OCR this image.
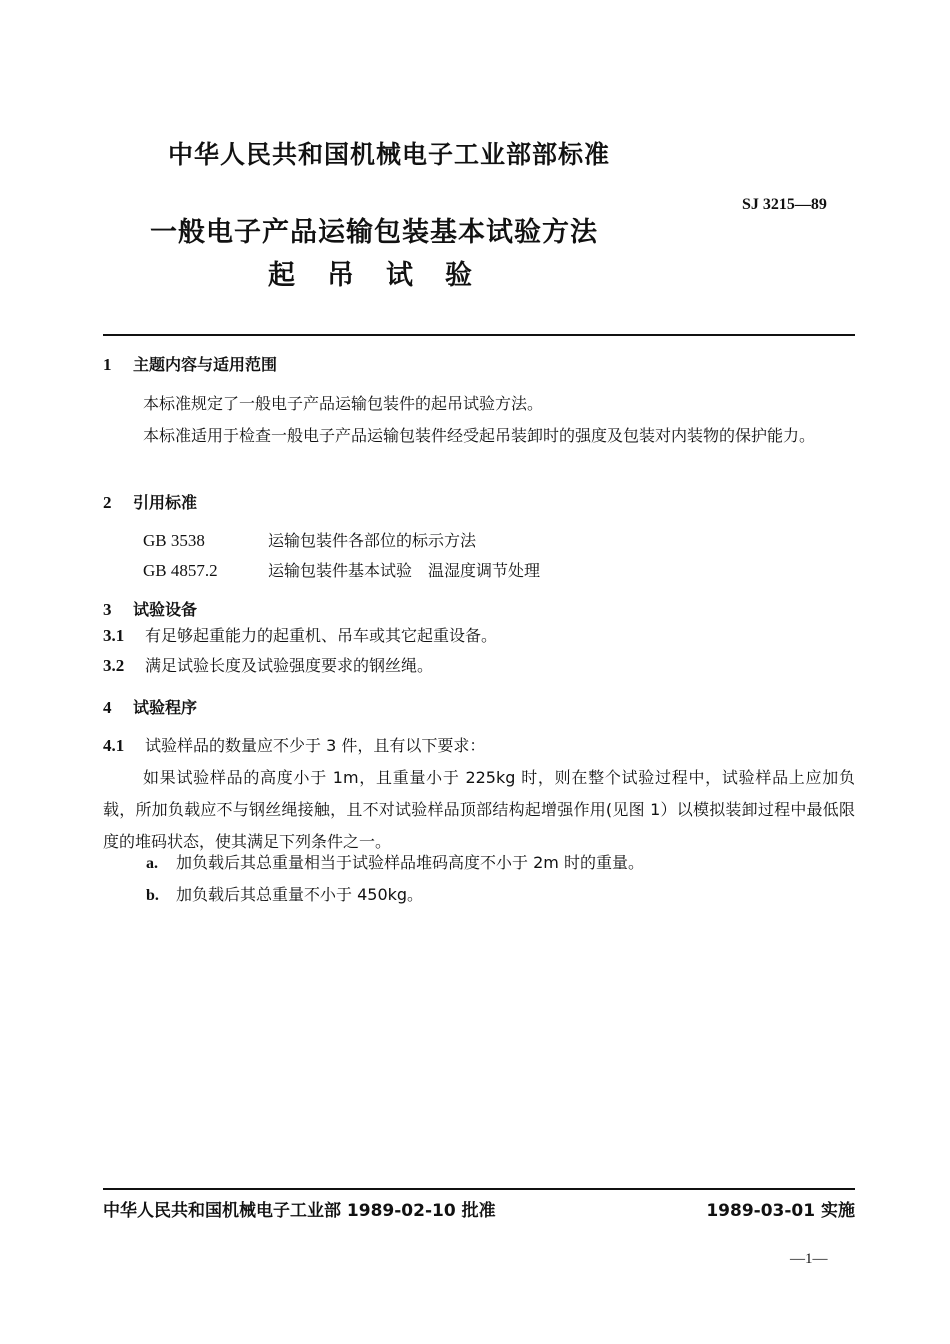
中华人民共和国机械电子工业部部标准
SJ 3215—89
一般电子产品运输包装基本试验方法
起吊试验
1 主题内容与适用范围
本标准规定了一般电子产品运输包装件的起吊试验方法。
本标准适用于检查一般电子产品运输包装件经受起吊装卸时的强度及包装对内装物的保护能力。
2 引用标准
GB 3538	运输包装件各部位的标示方法
GB 4857.2	运输包装件基本试验　温湿度调节处理
3 试验设备
3.1 有足够起重能力的起重机、吊车或其它起重设备。
3.2 满足试验长度及试验强度要求的钢丝绳。
4 试验程序
4.1 试验样品的数量应不少于 3 件，且有以下要求：
如果试验样品的高度小于 1m，且重量小于 225kg 时，则在整个试验过程中，试验样品上应加负载，所加负载应不与钢丝绳接触，且不对试验样品顶部结构起增强作用(见图 1）以模拟装卸过程中最低限度的堆码状态，使其满足下列条件之一。
a. 加负载后其总重量相当于试验样品堆码高度不小于 2m 时的重量。
b. 加负载后其总重量不小于 450kg。
中华人民共和国机械电子工业部 1989-02-10 批准	1989-03-01 实施
—1—
